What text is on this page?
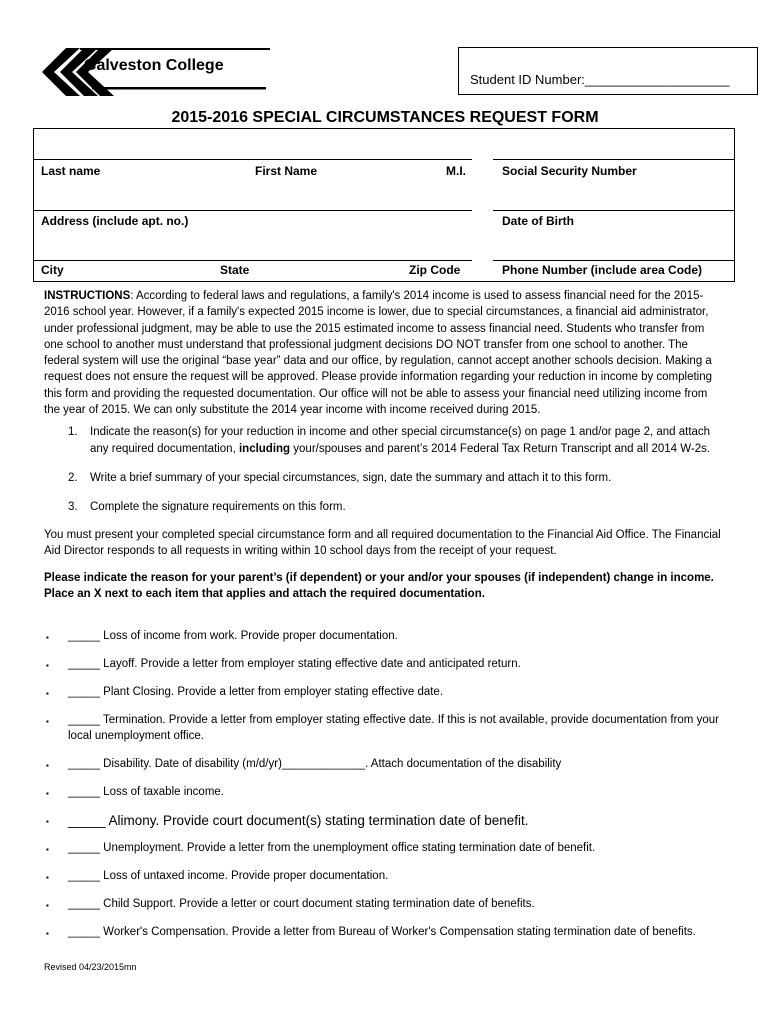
Galveston College
Student ID Number:____________________
2015-2016 SPECIAL CIRCUMSTANCES REQUEST FORM
Last name	First Name	M.I.	Social Security Number
Address (include apt. no.)	Date of Birth
City	State	Zip Code	Phone Number (include area Code)

INSTRUCTIONS: According to federal laws and regulations, a family's 2014 income is used to assess financial need for the 2015-2016 school year. However, if a family's expected 2015 income is lower, due to special circumstances, a financial aid administrator, under professional judgment, may be able to use the 2015 estimated income to assess financial need. Students who transfer from one school to another must understand that professional judgment decisions DO NOT transfer from one school to another. The federal system will use the original “base year” data and our office, by regulation, cannot accept another schools decision. Making a request does not ensure the request will be approved. Please provide information regarding your reduction in income by completing this form and providing the requested documentation. Our office will not be able to assess your financial need utilizing income from the year of 2015. We can only substitute the 2014 year income with income received during 2015.

1. Indicate the reason(s) for your reduction in income and other special circumstance(s) on page 1 and/or page 2, and attach any required documentation, including your/spouses and parent’s 2014 Federal Tax Return Transcript and all 2014 W-2s.

2. Write a brief summary of your special circumstances, sign, date the summary and attach it to this form.

3. Complete the signature requirements on this form.

You must present your completed special circumstance form and all required documentation to the Financial Aid Office. The Financial Aid Director responds to all requests in writing within 10 school days from the receipt of your request.

Please indicate the reason for your parent’s (if dependent) or your and/or your spouses (if independent) change in income. Place an X next to each item that applies and attach the required documentation.

▪ _____ Loss of income from work. Provide proper documentation.
▪ _____ Layoff. Provide a letter from employer stating effective date and anticipated return.
▪ _____ Plant Closing. Provide a letter from employer stating effective date.
▪ _____ Termination. Provide a letter from employer stating effective date. If this is not available, provide documentation from your local unemployment office.
▪ _____ Disability. Date of disability (m/d/yr)_____________. Attach documentation of the disability
▪ _____ Loss of taxable income.
▪ _____ Alimony. Provide court document(s) stating termination date of benefit.
▪ _____ Unemployment. Provide a letter from the unemployment office stating termination date of benefit.
▪ _____ Loss of untaxed income. Provide proper documentation.
▪ _____ Child Support. Provide a letter or court document stating termination date of benefits.
▪ _____ Worker's Compensation. Provide a letter from Bureau of Worker's Compensation stating termination date of benefits.
Revised 04/23/2015mn
